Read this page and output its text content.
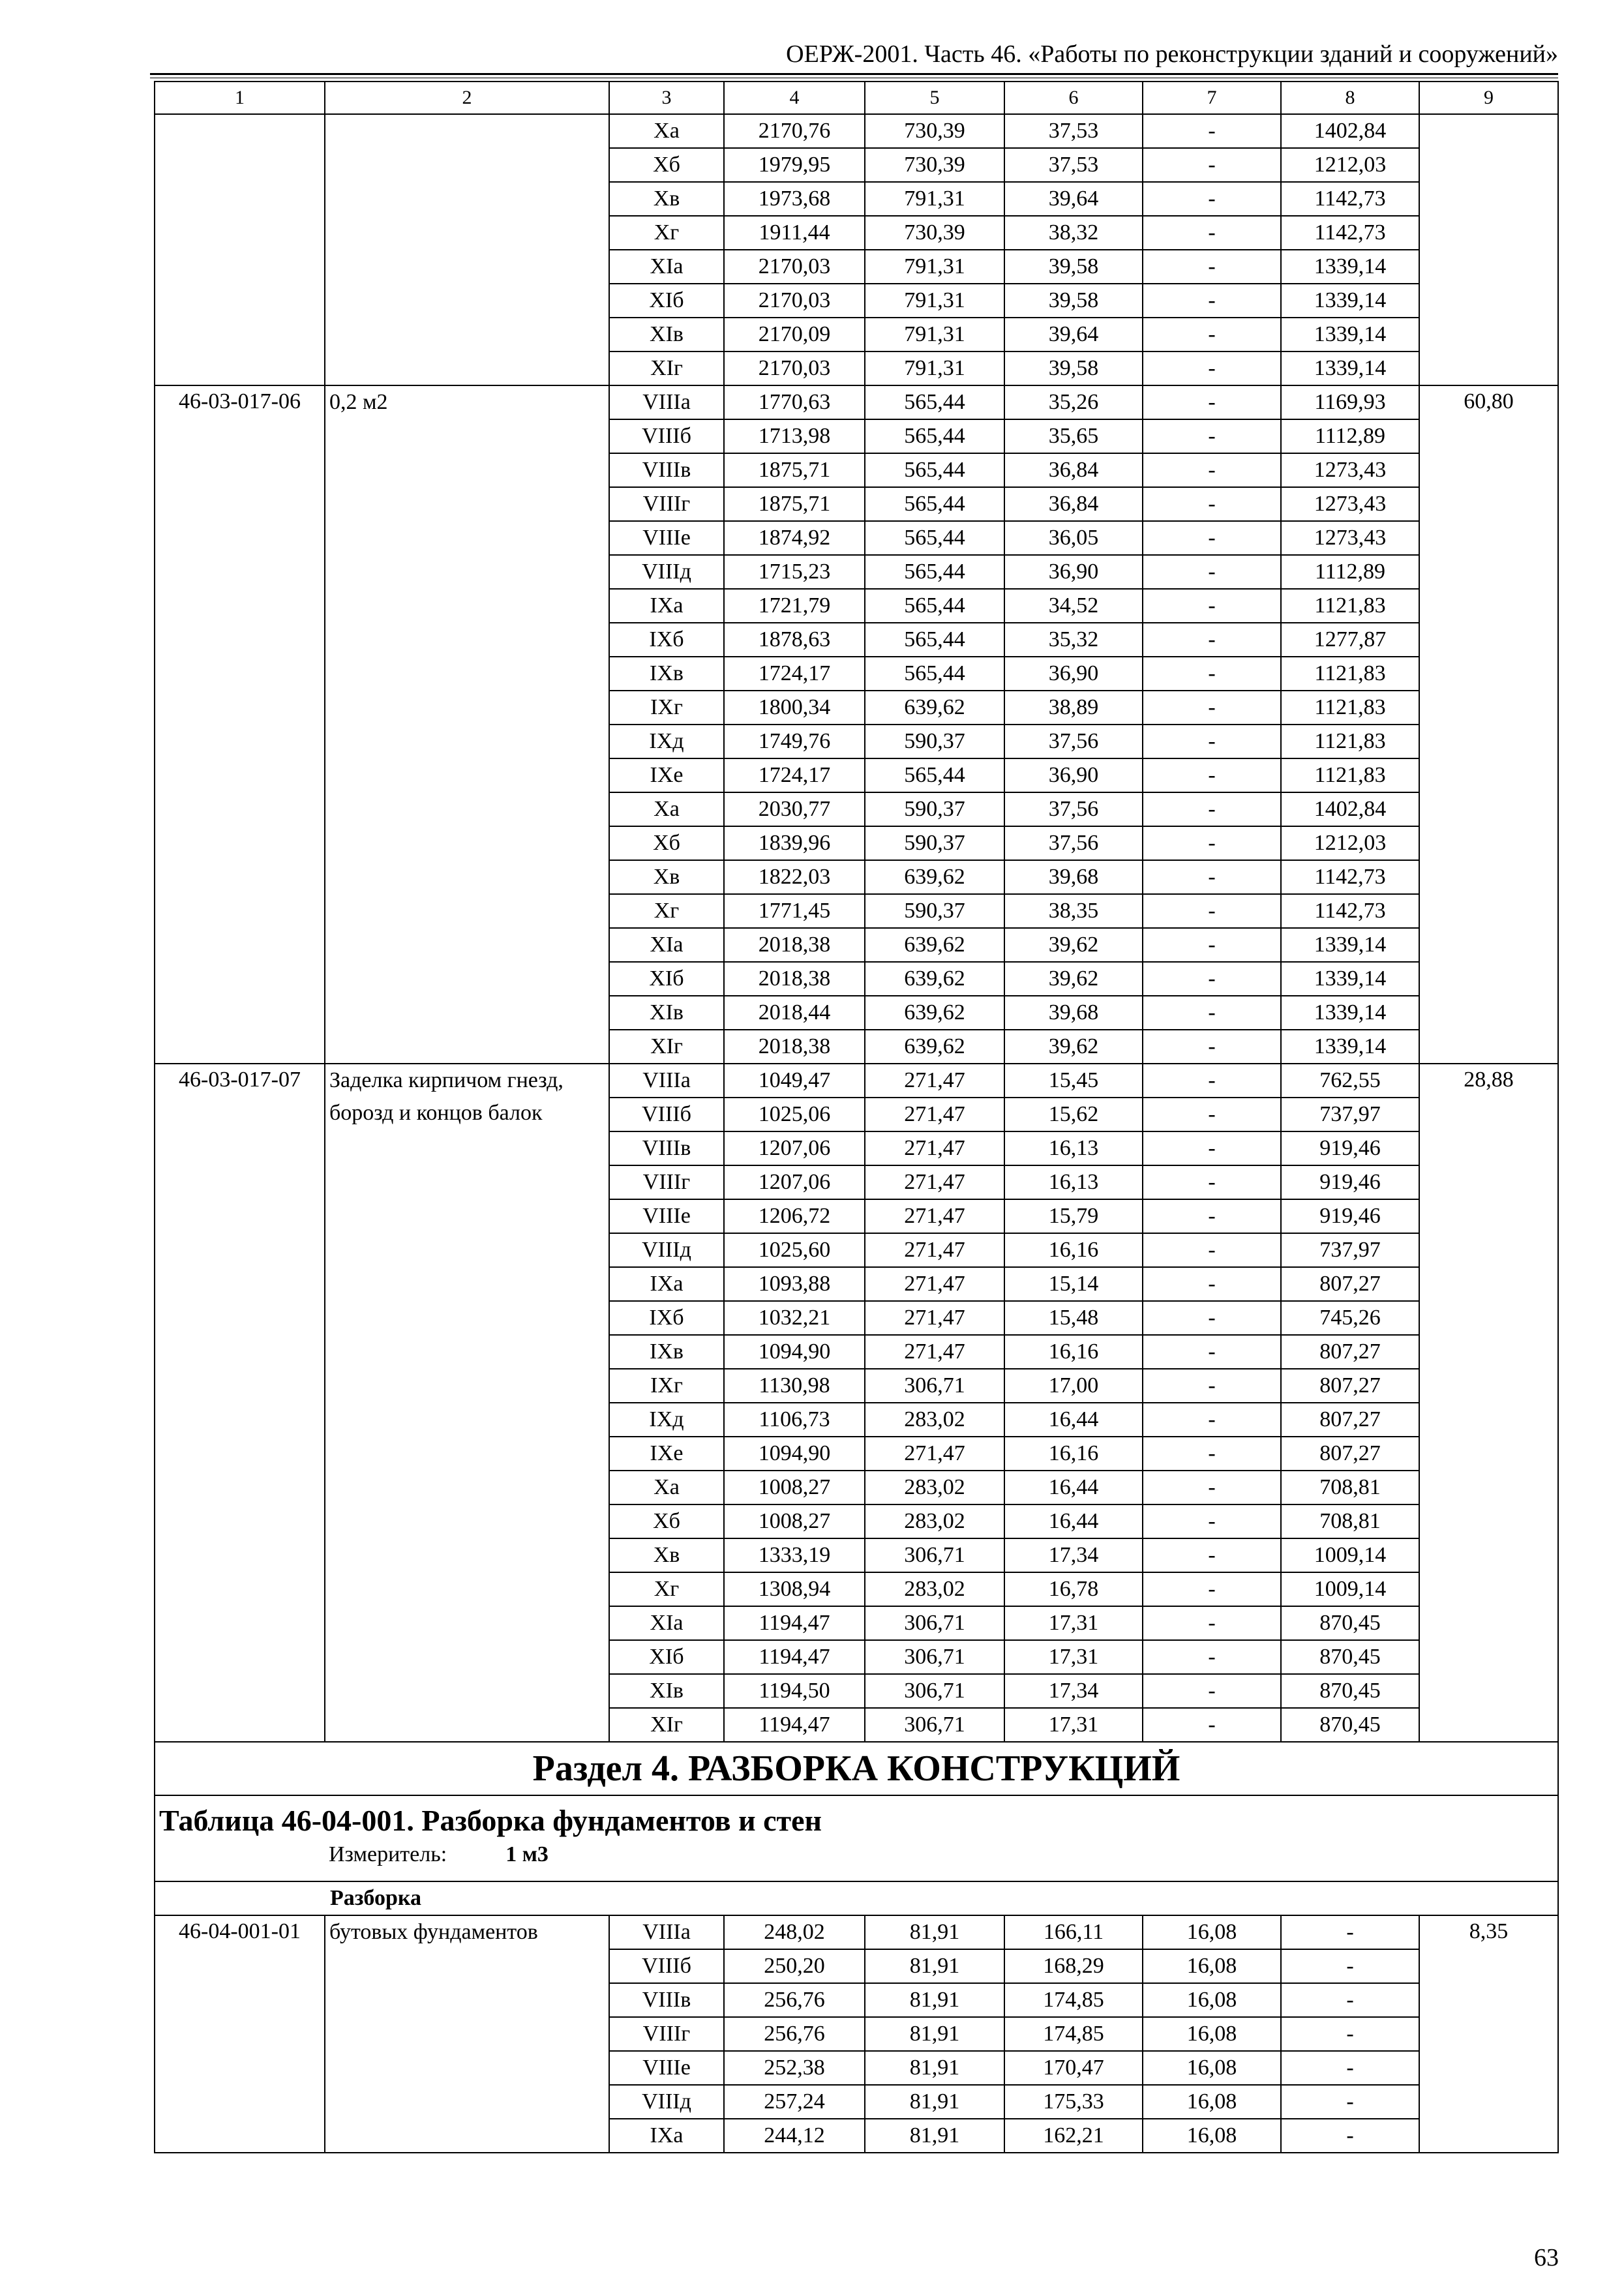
ОЕРЖ-2001. Часть 46. «Работы по реконструкции зданий и сооружений»
1	2	3	4	5	6	7	8	9
		Ха	2170,76	730,39	37,53	-	1402,84	
		Хб	1979,95	730,39	37,53	-	1212,03	
		Хв	1973,68	791,31	39,64	-	1142,73	
		Хг	1911,44	730,39	38,32	-	1142,73	
		ХIа	2170,03	791,31	39,58	-	1339,14	
		ХIб	2170,03	791,31	39,58	-	1339,14	
		ХIв	2170,09	791,31	39,64	-	1339,14	
		ХIг	2170,03	791,31	39,58	-	1339,14	
46-03-017-06	0,2 м2	VIIIа	1770,63	565,44	35,26	-	1169,93	60,80
		VIIIб	1713,98	565,44	35,65	-	1112,89	
		VIIIв	1875,71	565,44	36,84	-	1273,43	
		VIIIг	1875,71	565,44	36,84	-	1273,43	
		VIIIе	1874,92	565,44	36,05	-	1273,43	
		VIIIд	1715,23	565,44	36,90	-	1112,89	
		IХа	1721,79	565,44	34,52	-	1121,83	
		IХб	1878,63	565,44	35,32	-	1277,87	
		IХв	1724,17	565,44	36,90	-	1121,83	
		IХг	1800,34	639,62	38,89	-	1121,83	
		IХд	1749,76	590,37	37,56	-	1121,83	
		IХе	1724,17	565,44	36,90	-	1121,83	
		Ха	2030,77	590,37	37,56	-	1402,84	
		Хб	1839,96	590,37	37,56	-	1212,03	
		Хв	1822,03	639,62	39,68	-	1142,73	
		Хг	1771,45	590,37	38,35	-	1142,73	
		ХIа	2018,38	639,62	39,62	-	1339,14	
		ХIб	2018,38	639,62	39,62	-	1339,14	
		ХIв	2018,44	639,62	39,68	-	1339,14	
		ХIг	2018,38	639,62	39,62	-	1339,14	
46-03-017-07	Заделка кирпичом гнезд, борозд и концов балок	VIIIа	1049,47	271,47	15,45	-	762,55	28,88
		VIIIб	1025,06	271,47	15,62	-	737,97	
		VIIIв	1207,06	271,47	16,13	-	919,46	
		VIIIг	1207,06	271,47	16,13	-	919,46	
		VIIIе	1206,72	271,47	15,79	-	919,46	
		VIIIд	1025,60	271,47	16,16	-	737,97	
		IХа	1093,88	271,47	15,14	-	807,27	
		IХб	1032,21	271,47	15,48	-	745,26	
		IХв	1094,90	271,47	16,16	-	807,27	
		IХг	1130,98	306,71	17,00	-	807,27	
		IХд	1106,73	283,02	16,44	-	807,27	
		IХе	1094,90	271,47	16,16	-	807,27	
		Ха	1008,27	283,02	16,44	-	708,81	
		Хб	1008,27	283,02	16,44	-	708,81	
		Хв	1333,19	306,71	17,34	-	1009,14	
		Хг	1308,94	283,02	16,78	-	1009,14	
		ХIа	1194,47	306,71	17,31	-	870,45	
		ХIб	1194,47	306,71	17,31	-	870,45	
		ХIв	1194,50	306,71	17,34	-	870,45	
		ХIг	1194,47	306,71	17,31	-	870,45	
Раздел 4. РАЗБОРКА КОНСТРУКЦИЙ								

Таблица 46-04-001. Разборка фундаментов и стен
Измеритель: 1 м3								

Разборка								
46-04-001-01	бутовых фундаментов	VIIIа	248,02	81,91	166,11	16,08	-	8,35
		VIIIб	250,20	81,91	168,29	16,08	-	
		VIIIв	256,76	81,91	174,85	16,08	-	
		VIIIг	256,76	81,91	174,85	16,08	-	
		VIIIе	252,38	81,91	170,47	16,08	-	
		VIIIд	257,24	81,91	175,33	16,08	-	
		IХа	244,12	81,91	162,21	16,08	-	
63
